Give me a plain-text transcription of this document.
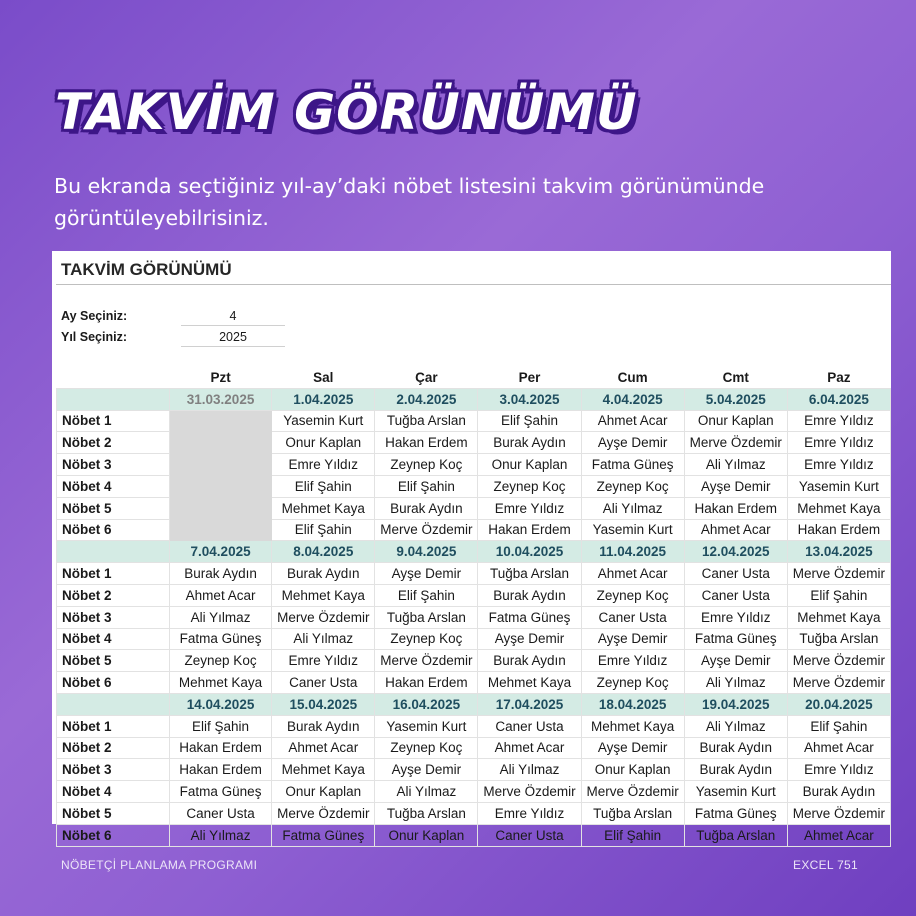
TAKVİM GÖRÜNÜMÜ

Bu ekranda seçtiğiniz yıl-ay’daki nöbet listesini takvim görünümünde görüntüleyebilrisiniz.

TAKVİM GÖRÜNÜMÜ
Ay Seçiniz:	4
Yıl Seçiniz:	2025
	Pzt	Sal	Çar	Per	Cum	Cmt	Paz
	31.03.2025	1.04.2025	2.04.2025	3.04.2025	4.04.2025	5.04.2025	6.04.2025
Nöbet 1		Yasemin Kurt	Tuğba Arslan	Elif Şahin	Ahmet Acar	Onur Kaplan	Emre Yıldız
Nöbet 2		Onur Kaplan	Hakan Erdem	Burak Aydın	Ayşe Demir	Merve Özdemir	Emre Yıldız
Nöbet 3		Emre Yıldız	Zeynep Koç	Onur Kaplan	Fatma Güneş	Ali Yılmaz	Emre Yıldız
Nöbet 4		Elif Şahin	Elif Şahin	Zeynep Koç	Zeynep Koç	Ayşe Demir	Yasemin Kurt
Nöbet 5		Mehmet Kaya	Burak Aydın	Emre Yıldız	Ali Yılmaz	Hakan Erdem	Mehmet Kaya
Nöbet 6		Elif Şahin	Merve Özdemir	Hakan Erdem	Yasemin Kurt	Ahmet Acar	Hakan Erdem
	7.04.2025	8.04.2025	9.04.2025	10.04.2025	11.04.2025	12.04.2025	13.04.2025
Nöbet 1	Burak Aydın	Burak Aydın	Ayşe Demir	Tuğba Arslan	Ahmet Acar	Caner Usta	Merve Özdemir
Nöbet 2	Ahmet Acar	Mehmet Kaya	Elif Şahin	Burak Aydın	Zeynep Koç	Caner Usta	Elif Şahin
Nöbet 3	Ali Yılmaz	Merve Özdemir	Tuğba Arslan	Fatma Güneş	Caner Usta	Emre Yıldız	Mehmet Kaya
Nöbet 4	Fatma Güneş	Ali Yılmaz	Zeynep Koç	Ayşe Demir	Ayşe Demir	Fatma Güneş	Tuğba Arslan
Nöbet 5	Zeynep Koç	Emre Yıldız	Merve Özdemir	Burak Aydın	Emre Yıldız	Ayşe Demir	Merve Özdemir
Nöbet 6	Mehmet Kaya	Caner Usta	Hakan Erdem	Mehmet Kaya	Zeynep Koç	Ali Yılmaz	Merve Özdemir
	14.04.2025	15.04.2025	16.04.2025	17.04.2025	18.04.2025	19.04.2025	20.04.2025
Nöbet 1	Elif Şahin	Burak Aydın	Yasemin Kurt	Caner Usta	Mehmet Kaya	Ali Yılmaz	Elif Şahin
Nöbet 2	Hakan Erdem	Ahmet Acar	Zeynep Koç	Ahmet Acar	Ayşe Demir	Burak Aydın	Ahmet Acar
Nöbet 3	Hakan Erdem	Mehmet Kaya	Ayşe Demir	Ali Yılmaz	Onur Kaplan	Burak Aydın	Emre Yıldız
Nöbet 4	Fatma Güneş	Onur Kaplan	Ali Yılmaz	Merve Özdemir	Merve Özdemir	Yasemin Kurt	Burak Aydın
Nöbet 5	Caner Usta	Merve Özdemir	Tuğba Arslan	Emre Yıldız	Tuğba Arslan	Fatma Güneş	Merve Özdemir
Nöbet 6	Ali Yılmaz	Fatma Güneş	Onur Kaplan	Caner Usta	Elif Şahin	Tuğba Arslan	Ahmet Acar
NÖBETÇİ PLANLAMA PROGRAMI	EXCEL 751
